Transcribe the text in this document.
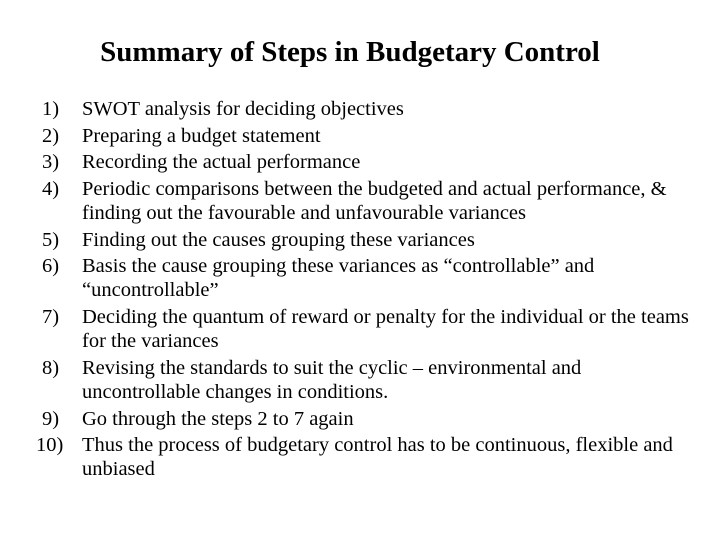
Summary of Steps in Budgetary Control
1)	SWOT analysis for deciding objectives
2)	Preparing a budget statement
3)	Recording the actual performance
4)	Periodic comparisons between the budgeted and actual performance, & finding out the favourable and unfavourable variances
5)	Finding out the causes grouping these variances
6)	Basis the cause grouping these variances as “controllable” and “uncontrollable”
7)	Deciding the quantum of reward or penalty for the individual or the teams for the variances
8)	Revising the standards to suit the cyclic – environmental and uncontrollable changes in conditions.
9)	Go through the steps 2 to 7 again
10) Thus the process of budgetary control has to be continuous, flexible and unbiased
